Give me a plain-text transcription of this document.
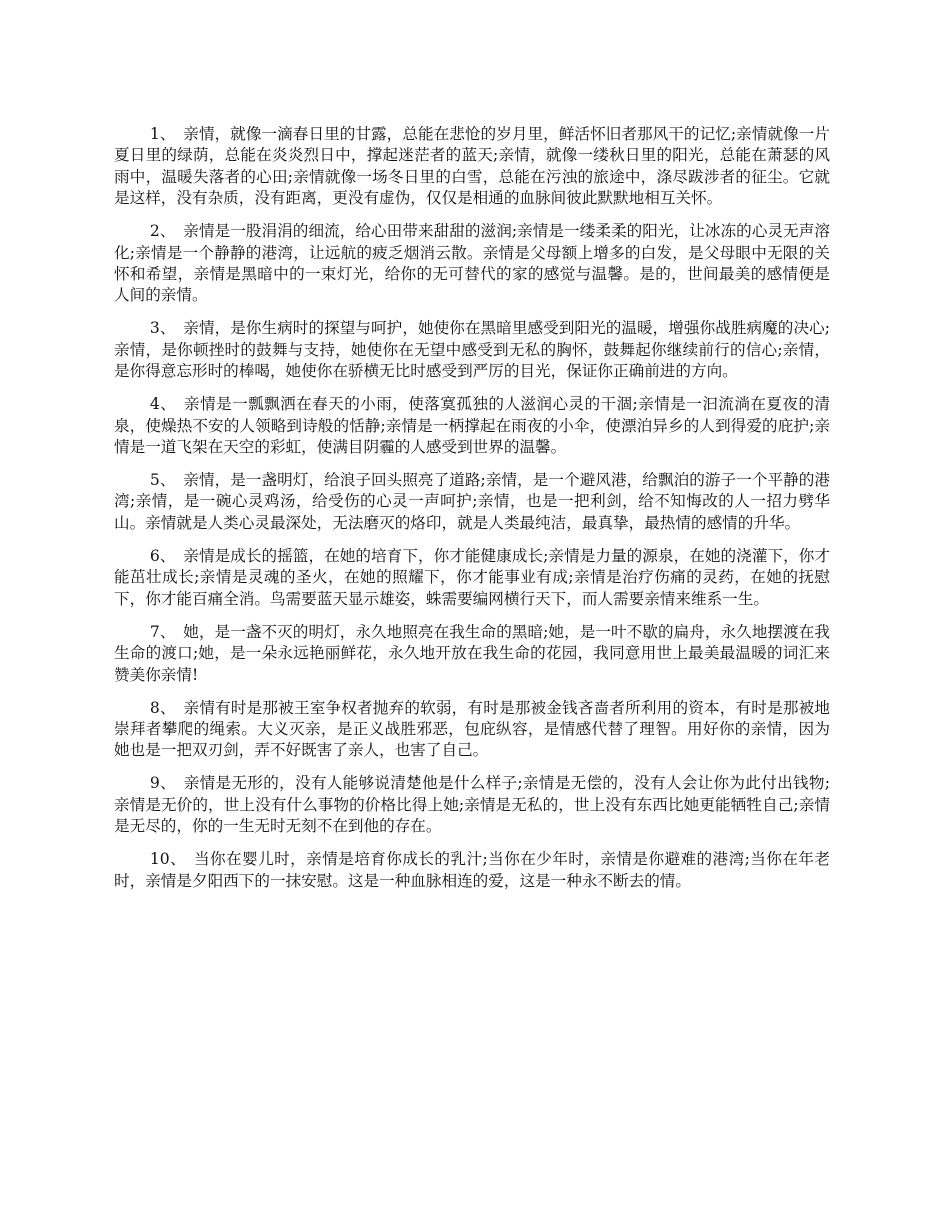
1、 亲情，就像一滴春日里的甘露，总能在悲怆的岁月里，鲜活怀旧者那风干的记忆;亲情就像一片夏日里的绿荫，总能在炎炎烈日中，撑起迷茫者的蓝天;亲情，就像一缕秋日里的阳光，总能在萧瑟的风雨中，温暖失落者的心田;亲情就像一场冬日里的白雪，总能在污浊的旅途中，涤尽跋涉者的征尘。它就是这样，没有杂质，没有距离，更没有虚伪，仅仅是相通的血脉间彼此默默地相互关怀。

2、 亲情是一股涓涓的细流，给心田带来甜甜的滋润;亲情是一缕柔柔的阳光，让冰冻的心灵无声溶化;亲情是一个静静的港湾，让远航的疲乏烟消云散。亲情是父母额上增多的白发，是父母眼中无限的关怀和希望，亲情是黑暗中的一束灯光，给你的无可替代的家的感觉与温馨。是的，世间最美的感情便是人间的亲情。

3、 亲情，是你生病时的探望与呵护，她使你在黑暗里感受到阳光的温暖，增强你战胜病魔的决心;亲情，是你顿挫时的鼓舞与支持，她使你在无望中感受到无私的胸怀，鼓舞起你继续前行的信心;亲情，是你得意忘形时的棒喝，她使你在骄横无比时感受到严厉的目光，保证你正确前进的方向。

4、 亲情是一瓢飘洒在春天的小雨，使落寞孤独的人滋润心灵的干涸;亲情是一汩流淌在夏夜的清泉，使燥热不安的人领略到诗般的恬静;亲情是一柄撑起在雨夜的小伞，使漂泊异乡的人到得爱的庇护;亲情是一道飞架在天空的彩虹，使满目阴霾的人感受到世界的温馨。

5、 亲情，是一盏明灯，给浪子回头照亮了道路;亲情，是一个避风港，给飘泊的游子一个平静的港湾;亲情，是一碗心灵鸡汤，给受伤的心灵一声呵护;亲情，也是一把利剑，给不知悔改的人一招力劈华山。亲情就是人类心灵最深处，无法磨灭的烙印，就是人类最纯洁，最真挚，最热情的感情的升华。

6、 亲情是成长的摇篮，在她的培育下，你才能健康成长;亲情是力量的源泉，在她的浇灌下，你才能茁壮成长;亲情是灵魂的圣火，在她的照耀下，你才能事业有成;亲情是治疗伤痛的灵药，在她的抚慰下，你才能百痛全消。鸟需要蓝天显示雄姿，蛛需要编网横行天下，而人需要亲情来维系一生。

7、 她，是一盏不灭的明灯，永久地照亮在我生命的黑暗;她，是一叶不歇的扁舟，永久地摆渡在我生命的渡口;她，是一朵永远艳丽鲜花，永久地开放在我生命的花园，我同意用世上最美最温暖的词汇来赞美你亲情!

8、 亲情有时是那被王室争权者抛弃的软弱，有时是那被金钱吝啬者所利用的资本，有时是那被地崇拜者攀爬的绳索。大义灭亲，是正义战胜邪恶，包庇纵容，是情感代替了理智。用好你的亲情，因为她也是一把双刃剑，弄不好既害了亲人，也害了自己。

9、 亲情是无形的，没有人能够说清楚他是什么样子;亲情是无偿的，没有人会让你为此付出钱物;亲情是无价的，世上没有什么事物的价格比得上她;亲情是无私的，世上没有东西比她更能牺牲自己;亲情是无尽的，你的一生无时无刻不在到他的存在。

10、 当你在婴儿时，亲情是培育你成长的乳汁;当你在少年时，亲情是你避难的港湾;当你在年老时，亲情是夕阳西下的一抹安慰。这是一种血脉相连的爱，这是一种永不断去的情。
